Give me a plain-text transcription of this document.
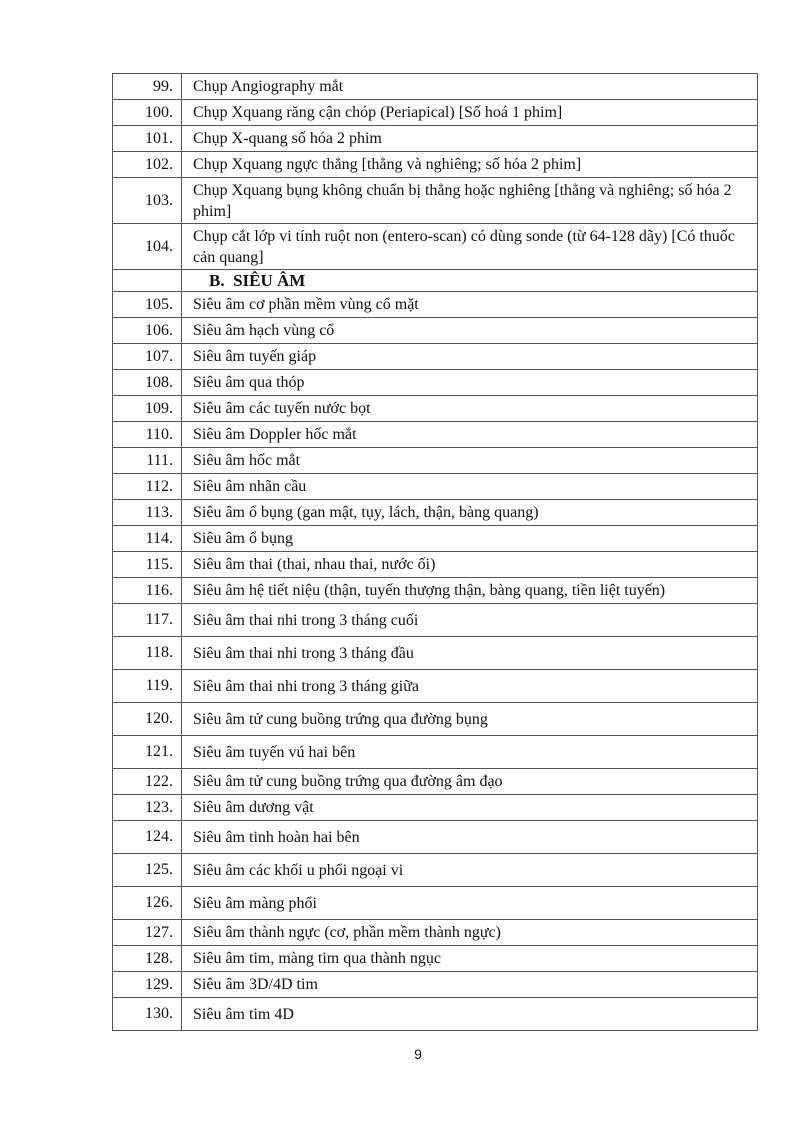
99.	Chụp Angiography mắt
100.	Chụp Xquang răng cận chóp (Periapical) [Số hoá 1 phim]
101.	Chụp X-quang số hóa 2 phim
102.	Chụp Xquang ngực thẳng [thẳng và nghiêng; số hóa 2 phim]
103.	Chụp Xquang bụng không chuẩn bị thẳng hoặc nghiêng [thẳng và nghiêng; số hóa 2 phim]
104.	Chụp cắt lớp vi tính ruột non (entero-scan) có dùng sonde (từ 64-128 dãy) [Có thuốc cản quang]
	B.  SIÊU ÂM
105.	Siêu âm cơ phần mềm vùng cổ mặt
106.	Siêu âm hạch vùng cổ
107.	Siêu âm tuyến giáp
108.	Siêu âm qua thóp
109.	Siêu âm các tuyến nước bọt
110.	Siêu âm Doppler hốc mắt
111.	Siêu âm hốc mắt
112.	Siêu âm nhãn cầu
113.	Siêu âm ổ bụng (gan mật, tụy, lách, thận, bàng quang)
114.	Siêu âm ổ bụng
115.	Siêu âm thai (thai, nhau thai, nước ối)
116.	Siêu âm hệ tiết niệu (thận, tuyến thượng thận, bàng quang, tiền liệt tuyến)
117.	Siêu âm thai nhi trong 3 tháng cuối
118.	Siêu âm thai nhi trong 3 tháng đầu
119.	Siêu âm thai nhi trong 3 tháng giữa
120.	Siêu âm tử cung buồng trứng qua đường bụng
121.	Siêu âm tuyến vú hai bên
122.	Siêu âm tử cung buồng trứng qua đường âm đạo
123.	Siêu âm dương vật
124.	Siêu âm tinh hoàn hai bên
125.	Siêu âm các khối u phổi ngoại vi
126.	Siêu âm màng phổi
127.	Siêu âm thành ngực (cơ, phần mềm thành ngực)
128.	Siêu âm tim, màng tim qua thành ngục
129.	Siêu âm 3D/4D tim
130.	Siêu âm tim 4D
9
